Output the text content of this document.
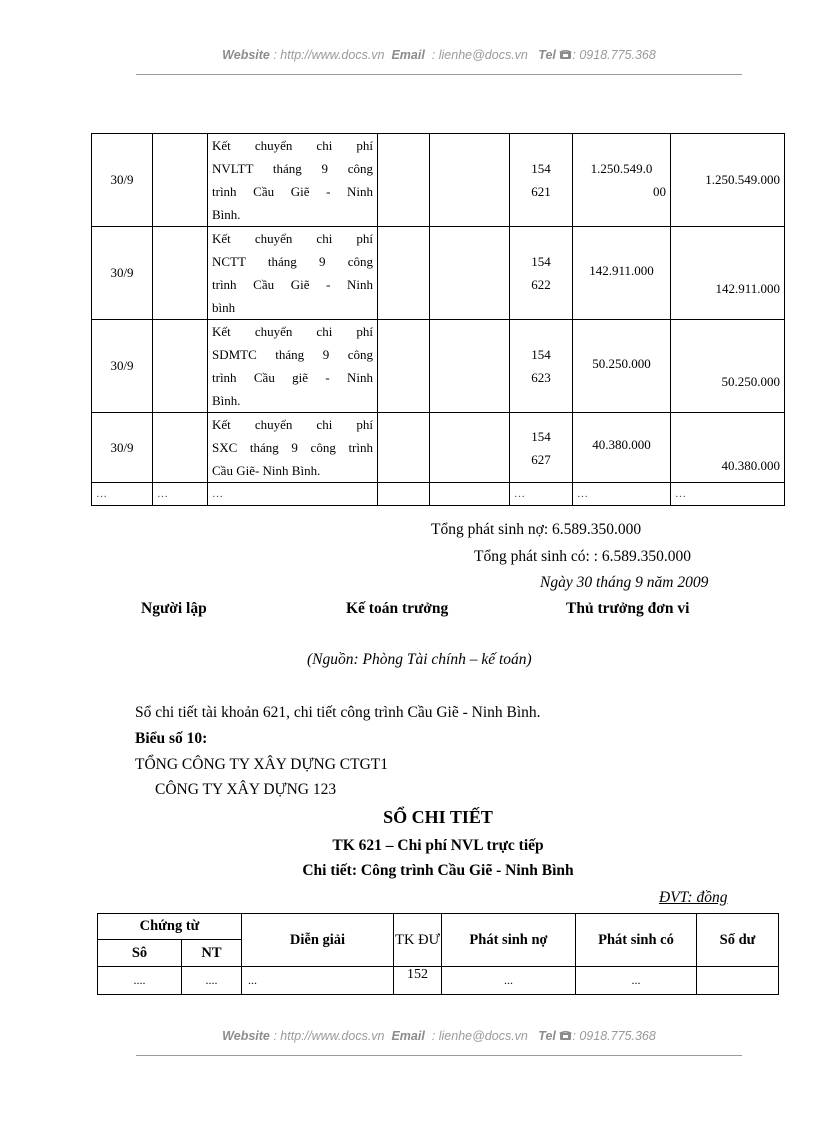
Website : http://www.docs.vn Email  : lienhe@docs.vn Tel : 0918.775.368
30/9		Kết chuyển chi phí
NVLTT tháng 9 công
trình Cầu Giẽ - Ninh
Bình.			154
621	1.250.549.0
00	1.250.549.000
30/9		Kết chuyển chi phí
NCTT tháng 9 công
trình Cầu Giẽ - Ninh
bình			154
622	142.911.000	142.911.000
30/9		Kết chuyển chi phí
SDMTC tháng 9 công
trình Cầu giẽ - Ninh
Bình.			154
623	50.250.000	50.250.000
30/9		Kết chuyển chi phí
SXC tháng 9 công trình
Cầu Giẽ- Ninh Bình.			154
627	40.380.000	40.380.000
…	…	…			…	…	…
Tổng phát sinh nợ: 6.589.350.000
Tổng phát sinh có: : 6.589.350.000
Ngày 30 tháng 9 năm 2009
Người lập	Kế toán trưởng	Thủ trưởng đơn vi
(Nguồn: Phòng Tài chính – kế toán)
Sổ chi tiết tài khoản 621, chi tiết công trình Cầu Giẽ - Ninh Bình.
Biểu số 10:
TỔNG CÔNG TY XÂY DỰNG CTGT1
CÔNG TY XÂY DỰNG 123
SỔ CHI TIẾT
TK 621 – Chi phí NVL trực tiếp
Chi tiết: Công trình Cầu Giẽ - Ninh Bình
ĐVT: đồng
Chứng từ		Diễn giải	TK ĐƯ	Phát sinh nợ	Phát sinh có	Số dư
Sô	NT					
....	....	...	152	...	...	
Website : http://www.docs.vn Email  : lienhe@docs.vn Tel : 0918.775.368
